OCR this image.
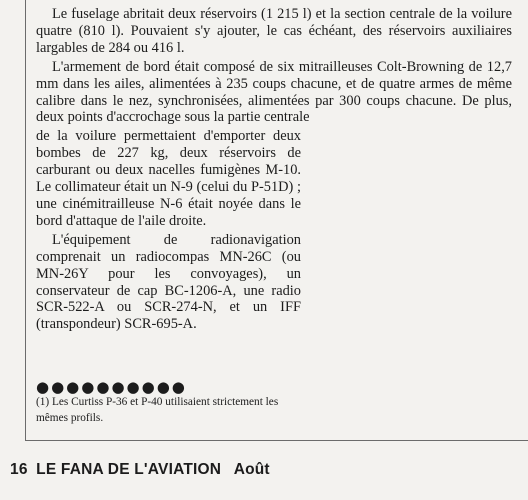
Le fuselage abritait deux réservoirs (1 215 l) et la section centrale de la voilure quatre (810 l). Pouvaient s'y ajouter, le cas échéant, des réservoirs auxiliaires largables de 284 ou 416 l.

L'armement de bord était composé de six mitrailleuses Colt-Browning de 12,7 mm dans les ailes, alimentées à 235 coups chacune, et de quatre armes de même calibre dans le nez, synchronisées, alimentées par 300 coups chacune. De plus, deux points d'accrochage sous la partie centrale

de la voilure permettaient d'emporter deux bombes de 227 kg, deux réservoirs de carburant ou deux nacelles fumigènes M-10. Le collimateur était un N-9 (celui du P-51D) ; une cinémitrailleuse N-6 était noyée dans le bord d'attaque de l'aile droite.

L'équipement de radionavigation comprenait un radiocompas MN-26C (ou MN-26Y pour les convoyages), un conservateur de cap BC-1206-A, une radio SCR-522-A ou SCR-274-N, et un IFF (transpondeur) SCR-695-A.

●●●●●●●●●●
(1) Les Curtiss P-36 et P-40 utilisaient strictement les mêmes profils.
16 LE FANA DE L'AVIATION Août
